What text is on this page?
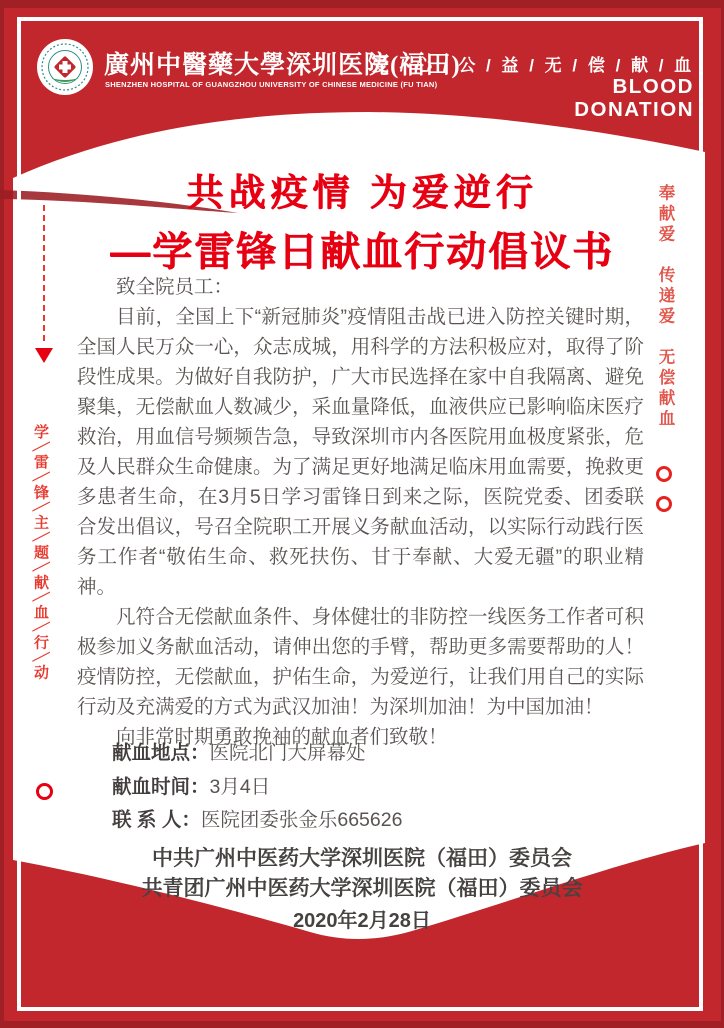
廣州中醫藥大學深圳医院(福田)
SHENZHEN HOSPITAL OF GUANGZHOU UNIVERSITY OF CHINESE MEDICINE (FU TIAN)
爱 / 心 / 公 / 益 / 无 / 偿 / 献 / 血
BLOOD
DONATION
共战疫情 为爱逆行
—学雷锋日献血行动倡议书
学╲雷╲锋╲主╲题╲献╲血╲行╲动
奉献爱　传递爱　无偿献血

致全院员工：

目前，全国上下“新冠肺炎”疫情阻击战已进入防控关键时期，全国人民万众一心，众志成城，用科学的方法积极应对，取得了阶段性成果。为做好自我防护，广大市民选择在家中自我隔离、避免聚集，无偿献血人数减少，采血量降低，血液供应已影响临床医疗救治，用血信号频频告急，导致深圳市内各医院用血极度紧张，危及人民群众生命健康。为了满足更好地满足临床用血需要，挽救更多患者生命，在3月5日学习雷锋日到来之际，医院党委、团委联合发出倡议，号召全院职工开展义务献血活动，以实际行动践行医务工作者“敬佑生命、救死扶伤、甘于奉献、大爱无疆”的职业精神。

凡符合无偿献血条件、身体健壮的非防控一线医务工作者可积极参加义务献血活动，请伸出您的手臂，帮助更多需要帮助的人！疫情防控，无偿献血，护佑生命，为爱逆行，让我们用自己的实际行动及充满爱的方式为武汉加油！为深圳加油！为中国加油！

向非常时期勇敢挽袖的献血者们致敬！

献血地点：医院北门大屏幕处
献血时间：3月4日
联 系 人：医院团委张金乐665626
中共广州中医药大学深圳医院（福田）委员会
共青团广州中医药大学深圳医院（福田）委员会
2020年2月28日
